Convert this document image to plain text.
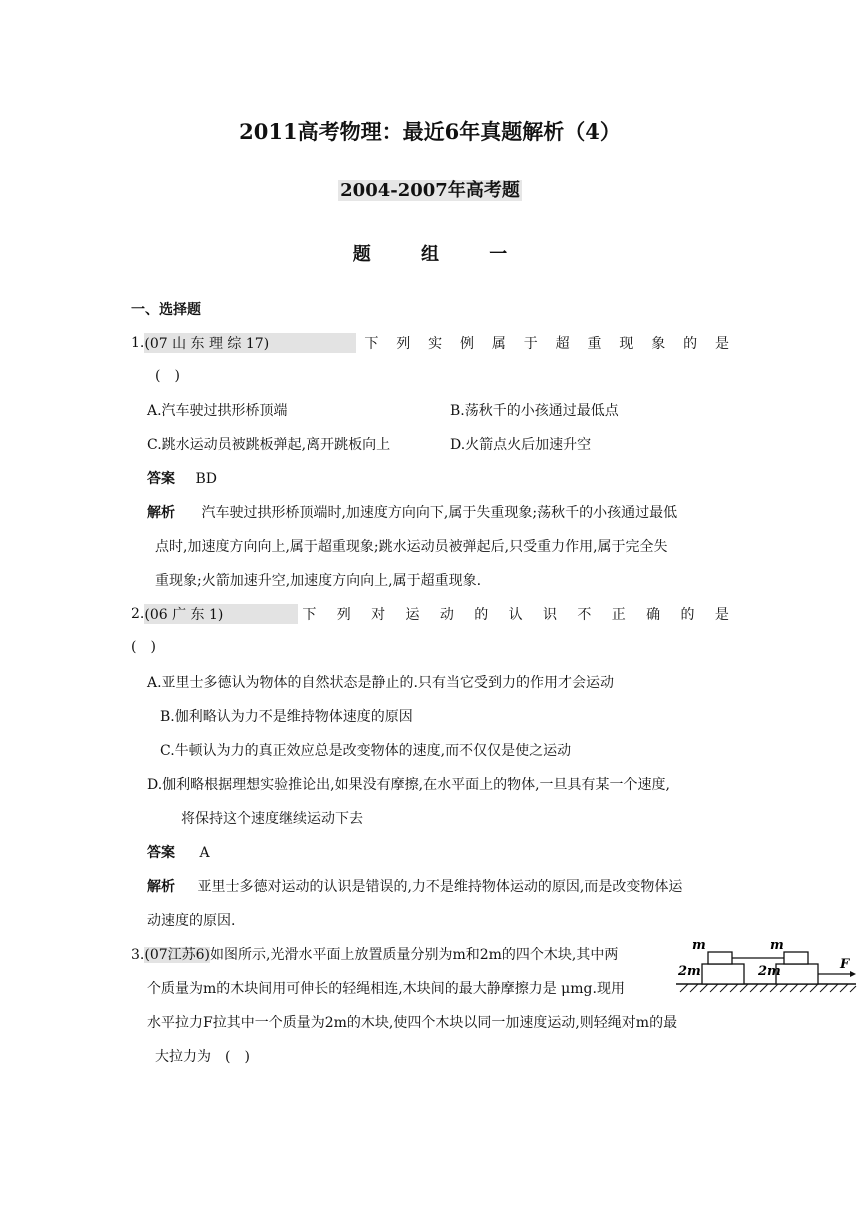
2011高考物理：最近6年真题解析（4）
2004-2007年高考题
题 组 一
一、选择题
1. (07 山 东 理 综 17)	下 列 实 例 属 于 超 重 现 象 的 是
(　)
A.汽车驶过拱形桥顶端	B.荡秋千的小孩通过最低点
C.跳水运动员被跳板弹起,离开跳板向上	D.火箭点火后加速升空
答案 BD
解析 汽车驶过拱形桥顶端时,加速度方向向下,属于失重现象;荡秋千的小孩通过最低
点时,加速度方向向上,属于超重现象;跳水运动员被弹起后,只受重力作用,属于完全失
重现象;火箭加速升空,加速度方向向上,属于超重现象.
2. (06 广 东 1)	下 列 对 运 动 的 认 识 不 正 确 的 是
(　)
A.亚里士多德认为物体的自然状态是静止的.只有当它受到力的作用才会运动
B.伽利略认为力不是维持物体速度的原因
C.牛顿认为力的真正效应总是改变物体的速度,而不仅仅是使之运动
D.伽利略根据理想实验推论出,如果没有摩擦,在水平面上的物体,一旦具有某一个速度,
将保持这个速度继续运动下去
答案 A
解析 亚里士多德对运动的认识是错误的,力不是维持物体运动的原因,而是改变物体运
动速度的原因.
3.(07江苏6)如图所示,光滑水平面上放置质量分别为m和2m的四个木块,其中两
个质量为m的木块间用可伸长的轻绳相连,木块间的最大静摩擦力是 μmg.现用
水平拉力F拉其中一个质量为2m的木块,使四个木块以同一加速度运动,则轻绳对m的最
大拉力为　(　)
m	m
2m	2m	F
